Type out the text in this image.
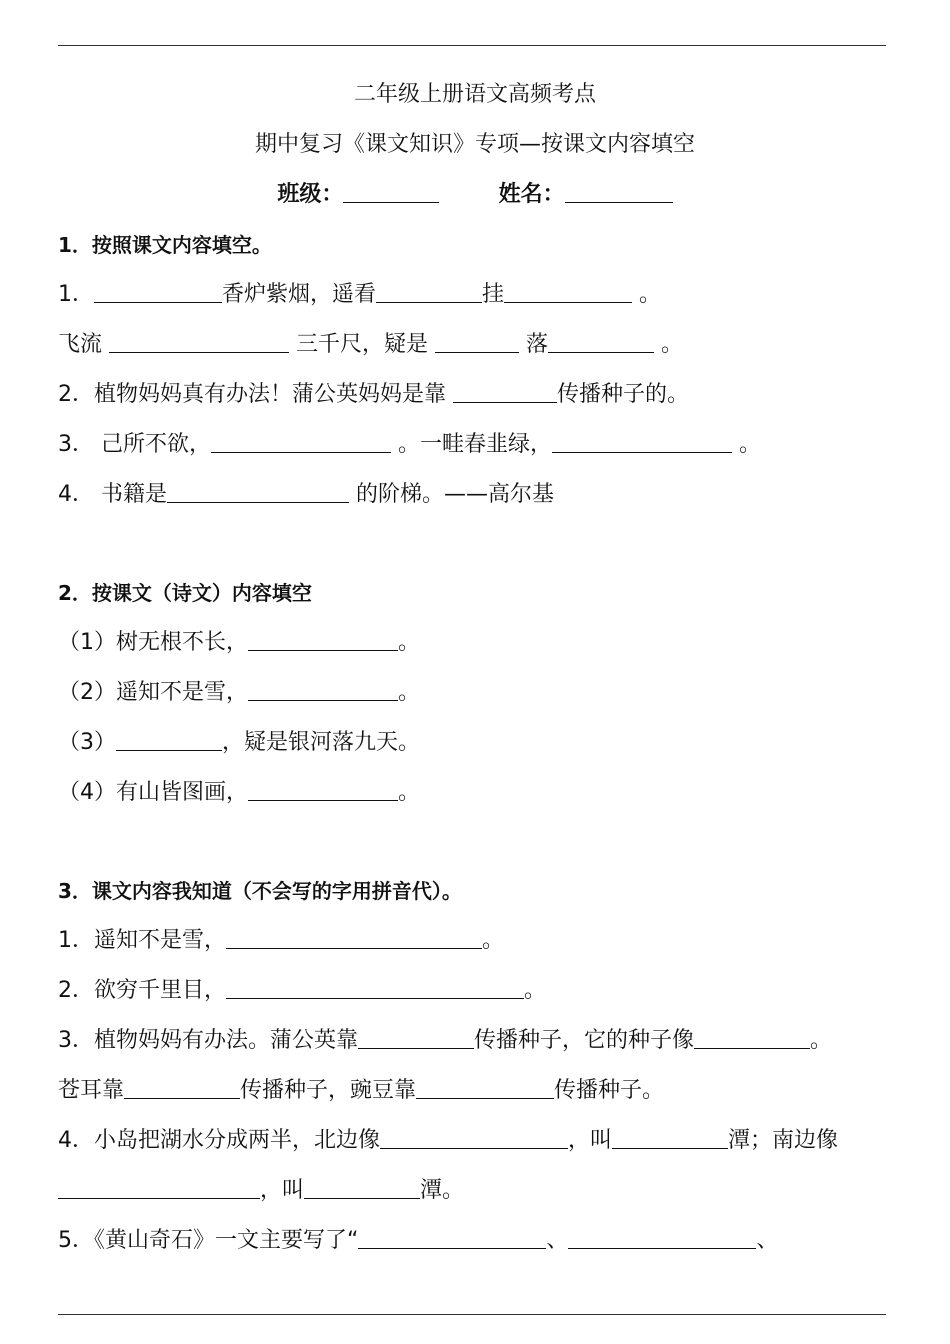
二年级上册语文高频考点
期中复习《课文知识》专项—按课文内容填空
班级：	姓名：
1．按照课文内容填空。
1．	香炉紫烟，遥看	挂	。
飞流	三千尺，疑是	落	。
2．植物妈妈真有办法！蒲公英妈妈是靠	传播种子的。
3． 己所不欲，	。一畦春韭绿，	。
4． 书籍是	的阶梯。——高尔基
2．按课文（诗文）内容填空
（1）树无根不长，	。
（2）遥知不是雪，	。
（3）	，疑是银河落九天。
（4）有山皆图画，	。
3．课文内容我知道（不会写的字用拼音代）。
1．遥知不是雪，	。
2．欲穷千里目，	。
3．植物妈妈有办法。蒲公英靠	传播种子，它的种子像	。
苍耳靠	传播种子，豌豆靠	传播种子。
4．小岛把湖水分成两半，北边像	，叫	潭；南边像
，叫	潭。
5．《黄山奇石》一文主要写了“	、	、
